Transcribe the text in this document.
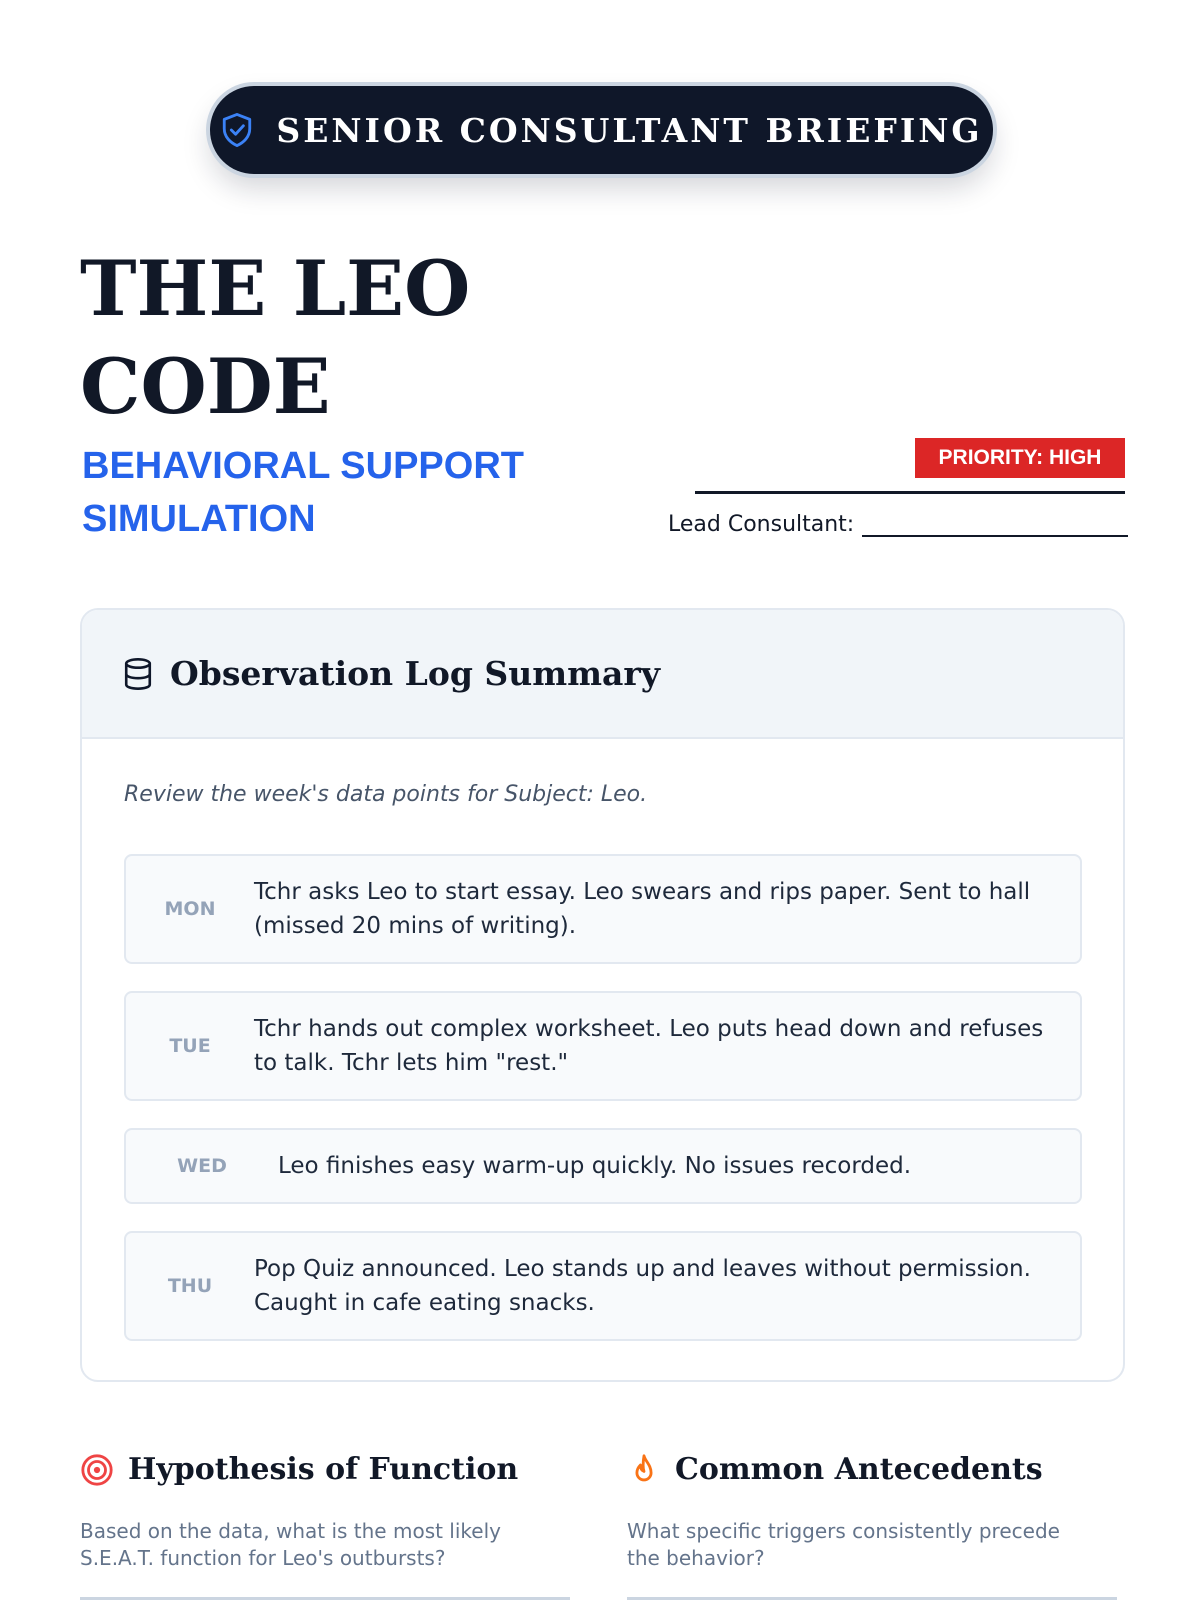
SENIOR CONSULTANT BRIEFING
THE LEO CODE
BEHAVIORAL SUPPORT SIMULATION
PRIORITY: HIGH
Lead Consultant:
Observation Log Summary
Review the week's data points for Subject: Leo.
MON
Tchr asks Leo to start essay. Leo swears and rips paper. Sent to hall (missed 20 mins of writing).
TUE
Tchr hands out complex worksheet. Leo puts head down and refuses to talk. Tchr lets him "rest."
WED	Leo finishes easy warm-up quickly. No issues recorded.
THU
Pop Quiz announced. Leo stands up and leaves without permission. Caught in cafe eating snacks.
Hypothesis of Function
Based on the data, what is the most likely S.E.A.T. function for Leo's outbursts?
Common Antecedents
What specific triggers consistently precede the behavior?
